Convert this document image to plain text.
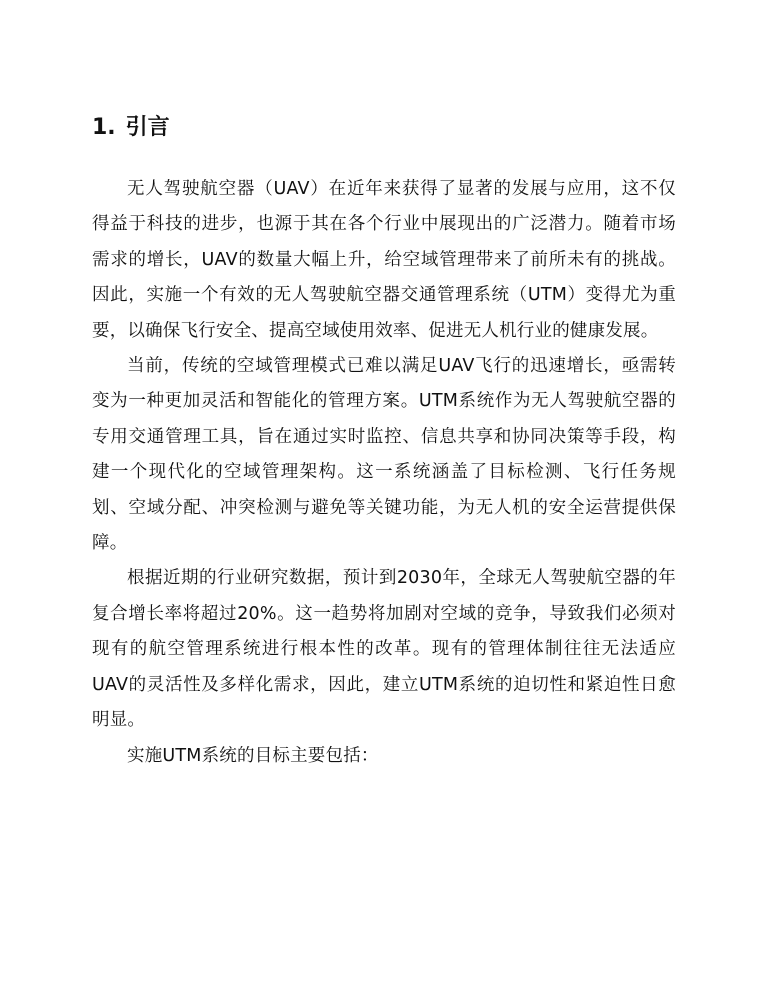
1. 引言

无人驾驶航空器（UAV）在近年来获得了显著的发展与应用，这不仅得益于科技的进步，也源于其在各个行业中展现出的广泛潜力。随着市场需求的增长，UAV的数量大幅上升，给空域管理带来了前所未有的挑战。因此，实施一个有效的无人驾驶航空器交通管理系统（UTM）变得尤为重要，以确保飞行安全、提高空域使用效率、促进无人机行业的健康发展。

当前，传统的空域管理模式已难以满足UAV飞行的迅速增长，亟需转变为一种更加灵活和智能化的管理方案。UTM系统作为无人驾驶航空器的专用交通管理工具，旨在通过实时监控、信息共享和协同决策等手段，构建一个现代化的空域管理架构。这一系统涵盖了目标检测、飞行任务规划、空域分配、冲突检测与避免等关键功能，为无人机的安全运营提供保障。

根据近期的行业研究数据，预计到2030年，全球无人驾驶航空器的年复合增长率将超过20%。这一趋势将加剧对空域的竞争，导致我们必须对现有的航空管理系统进行根本性的改革。现有的管理体制往往无法适应UAV的灵活性及多样化需求，因此，建立UTM系统的迫切性和紧迫性日愈明显。

实施UTM系统的目标主要包括：
